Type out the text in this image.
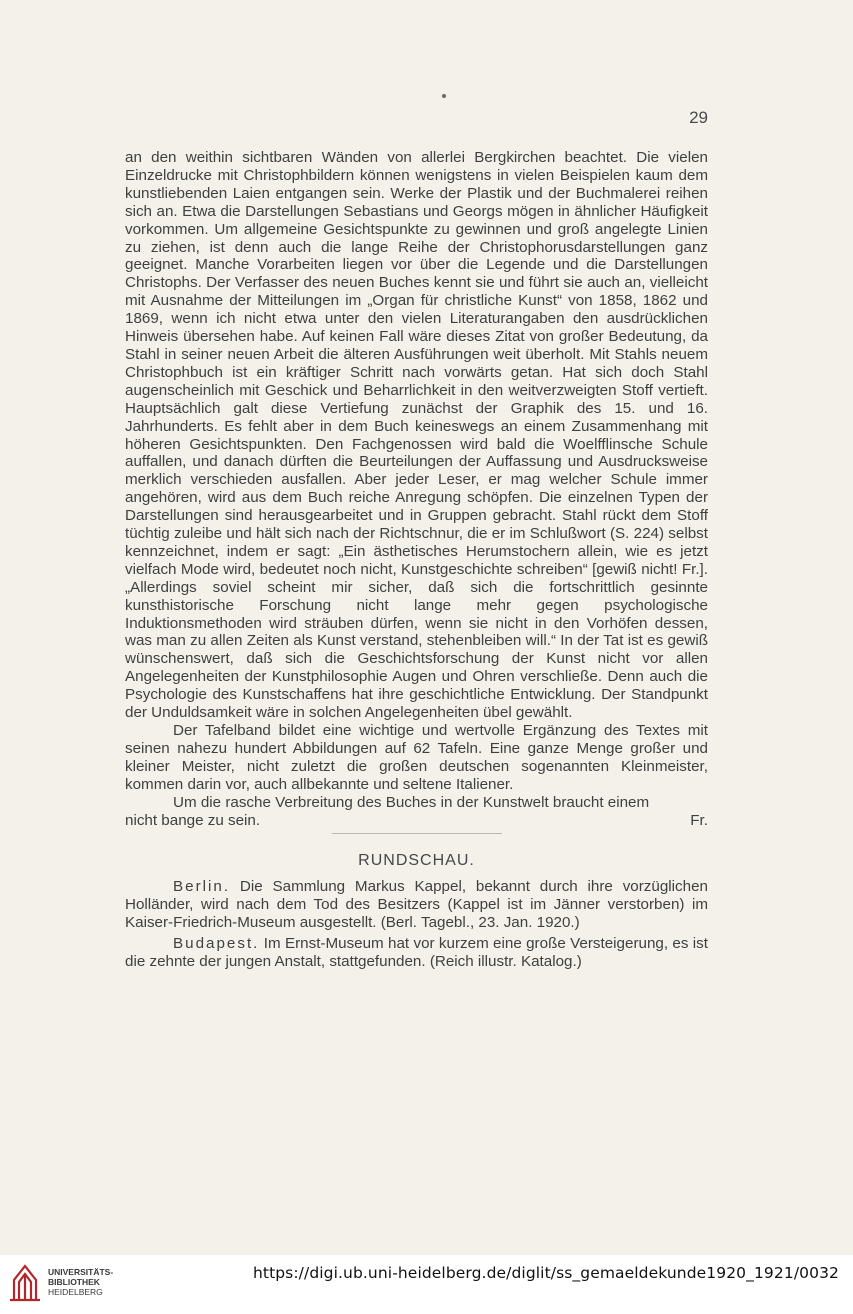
29

an den weithin sichtbaren Wänden von allerlei Bergkirchen beachtet. Die vielen Einzeldrucke mit Christophbildern können wenigstens in vielen Beispielen kaum dem kunstliebenden Laien entgangen sein. Werke der Plastik und der Buchmalerei reihen sich an. Etwa die Darstellungen Sebastians und Georgs mögen in ähnlicher Häufigkeit vorkommen. Um allgemeine Gesichtspunkte zu gewinnen und groß angelegte Linien zu ziehen, ist denn auch die lange Reihe der Christophorusdarstellungen ganz geeignet. Manche Vorarbeiten liegen vor über die Legende und die Darstellungen Christophs. Der Verfasser des neuen Buches kennt sie und führt sie auch an, vielleicht mit Ausnahme der Mitteilungen im „Organ für christliche Kunst“ von 1858, 1862 und 1869, wenn ich nicht etwa unter den vielen Literaturangaben den ausdrücklichen Hinweis übersehen habe. Auf keinen Fall wäre dieses Zitat von großer Bedeutung, da Stahl in seiner neuen Arbeit die älteren Ausführungen weit überholt. Mit Stahls neuem Christophbuch ist ein kräftiger Schritt nach vorwärts getan. Hat sich doch Stahl augenscheinlich mit Geschick und Beharrlichkeit in den weitverzweigten Stoff vertieft. Hauptsächlich galt diese Vertiefung zunächst der Graphik des 15. und 16. Jahrhunderts. Es fehlt aber in dem Buch keineswegs an einem Zusammenhang mit höheren Gesichtspunkten. Den Fachgenossen wird bald die Woelfflinsche Schule auffallen, und danach dürften die Beurteilungen der Auffassung und Ausdrucksweise merklich verschieden ausfallen. Aber jeder Leser, er mag welcher Schule immer angehören, wird aus dem Buch reiche Anregung schöpfen. Die einzelnen Typen der Darstellungen sind herausgearbeitet und in Gruppen gebracht. Stahl rückt dem Stoff tüchtig zuleibe und hält sich nach der Richtschnur, die er im Schlußwort (S. 224) selbst kennzeichnet, indem er sagt: „Ein ästhetisches Herumstochern allein, wie es jetzt vielfach Mode wird, bedeutet noch nicht, Kunstgeschichte schreiben“ [gewiß nicht! Fr.]. „Allerdings soviel scheint mir sicher, daß sich die fortschrittlich gesinnte kunsthistorische Forschung nicht lange mehr gegen psychologische Induktionsmethoden wird sträuben dürfen, wenn sie nicht in den Vorhöfen dessen, was man zu allen Zeiten als Kunst verstand, stehenbleiben will.“ In der Tat ist es gewiß wünschenswert, daß sich die Geschichtsforschung der Kunst nicht vor allen Angelegenheiten der Kunstphilosophie Augen und Ohren verschließe. Denn auch die Psychologie des Kunstschaffens hat ihre geschichtliche Entwicklung. Der Standpunkt der Unduldsamkeit wäre in solchen Angelegenheiten übel gewählt.

Der Tafelband bildet eine wichtige und wertvolle Ergänzung des Textes mit seinen nahezu hundert Abbildungen auf 62 Tafeln. Eine ganze Menge großer und kleiner Meister, nicht zuletzt die großen deutschen sogenannten Kleinmeister, kommen darin vor, auch allbekannte und seltene Italiener.

Um die rasche Verbreitung des Buches in der Kunstwelt braucht einem

nicht bange zu sein.	Fr.
RUNDSCHAU.

Berlin. Die Sammlung Markus Kappel, bekannt durch ihre vorzüglichen Holländer, wird nach dem Tod des Besitzers (Kappel ist im Jänner verstorben) im Kaiser-Friedrich-Museum ausgestellt. (Berl. Tagebl., 23. Jan. 1920.)

Budapest. Im Ernst-Museum hat vor kurzem eine große Versteigerung, es ist die zehnte der jungen Anstalt, stattgefunden. (Reich illustr. Katalog.)

UNIVERSITÄTS-
BIBLIOTHEK
HEIDELBERG
https://digi.ub.uni-heidelberg.de/diglit/ss_gemaeldekunde1920_1921/0032
